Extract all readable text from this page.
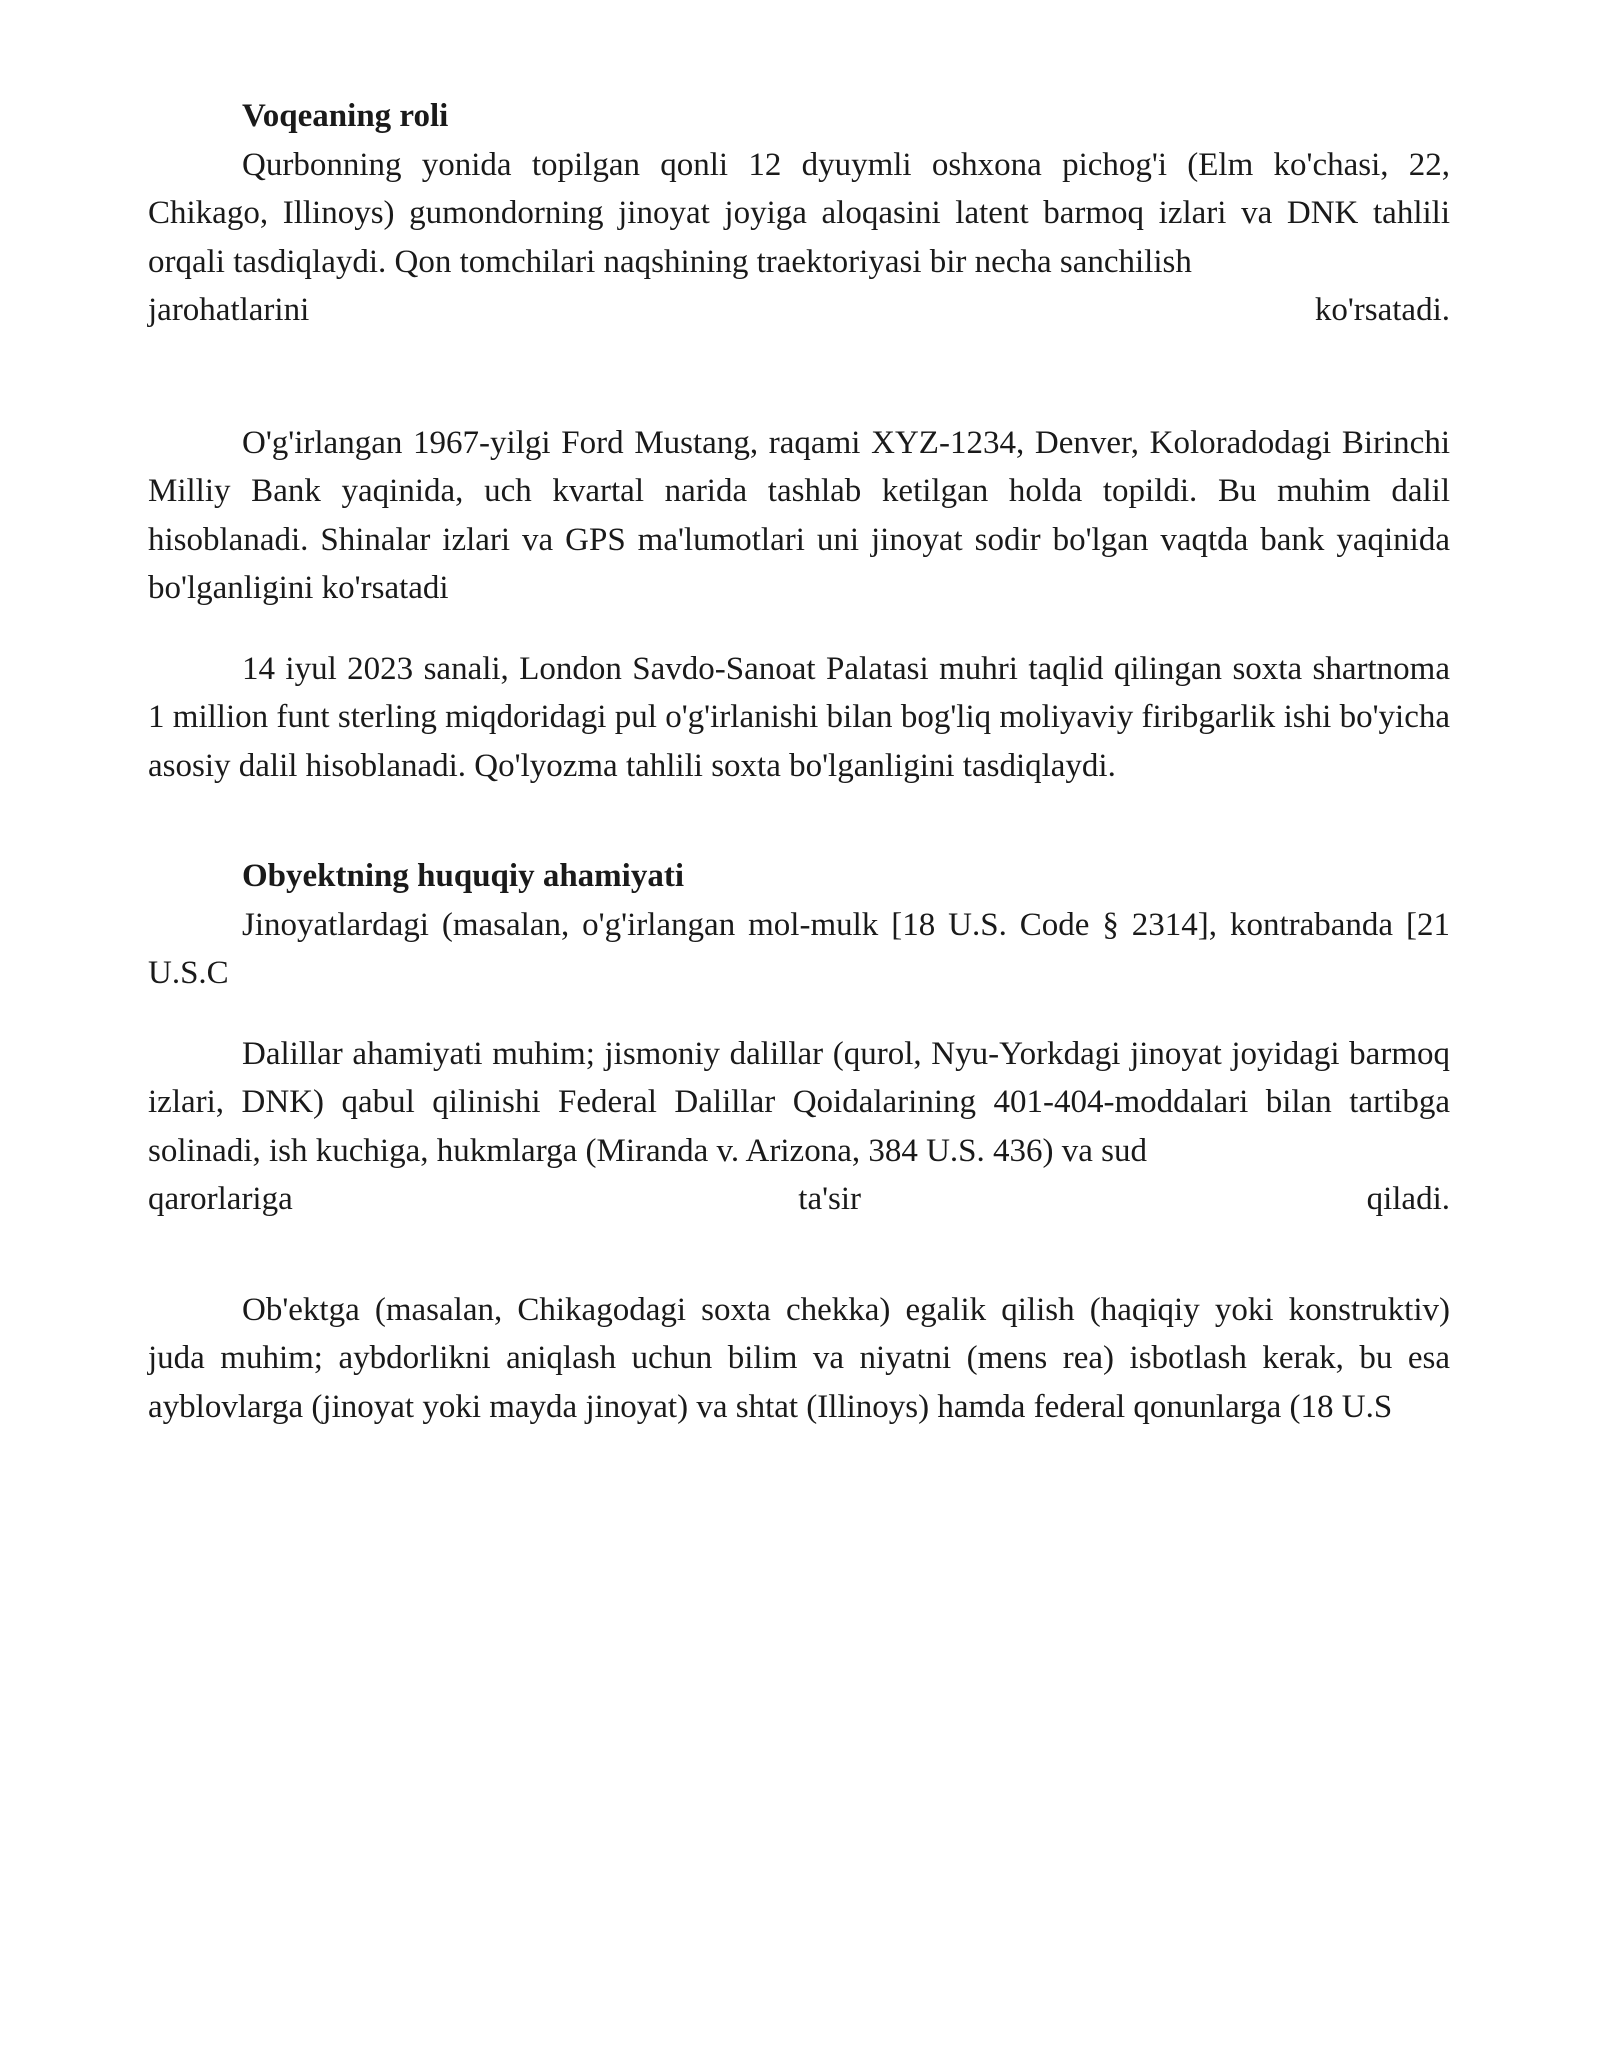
Voqeaning roli

Qurbonning yonida topilgan qonli 12 dyuymli oshxona pichog'i (Elm ko'chasi, 22, Chikago, Illinoys) gumondorning jinoyat joyiga aloqasini latent barmoq izlari va DNK tahlili orqali tasdiqlaydi. Qon tomchilari naqshining traektoriyasi bir necha sanchilish

jarohatlarini ko'rsatadi.

O'g'irlangan 1967-yilgi Ford Mustang, raqami XYZ-1234, Denver, Koloradodagi Birinchi Milliy Bank yaqinida, uch kvartal narida tashlab ketilgan holda topildi. Bu muhim dalil hisoblanadi. Shinalar izlari va GPS ma'lumotlari uni jinoyat sodir bo'lgan vaqtda bank yaqinida bo'lganligini ko'rsatadi

14 iyul 2023 sanali, London Savdo-Sanoat Palatasi muhri taqlid qilingan soxta shartnoma 1 million funt sterling miqdoridagi pul o'g'irlanishi bilan bog'liq moliyaviy firibgarlik ishi bo'yicha asosiy dalil hisoblanadi. Qo'lyozma tahlili soxta bo'lganligini tasdiqlaydi.

Obyektning huquqiy ahamiyati

Jinoyatlardagi (masalan, o'g'irlangan mol-mulk [18 U.S. Code § 2314], kontrabanda [21 U.S.C

Dalillar ahamiyati muhim; jismoniy dalillar (qurol, Nyu-Yorkdagi jinoyat joyidagi barmoq izlari, DNK) qabul qilinishi Federal Dalillar Qoidalarining 401-404-moddalari bilan tartibga solinadi, ish kuchiga, hukmlarga (Miranda v. Arizona, 384 U.S. 436) va sud

qarorlariga ta'sir qiladi.

Ob'ektga (masalan, Chikagodagi soxta chekka) egalik qilish (haqiqiy yoki konstruktiv) juda muhim; aybdorlikni aniqlash uchun bilim va niyatni (mens rea) isbotlash kerak, bu esa ayblovlarga (jinoyat yoki mayda jinoyat) va shtat (Illinoys) hamda federal qonunlarga (18 U.S
